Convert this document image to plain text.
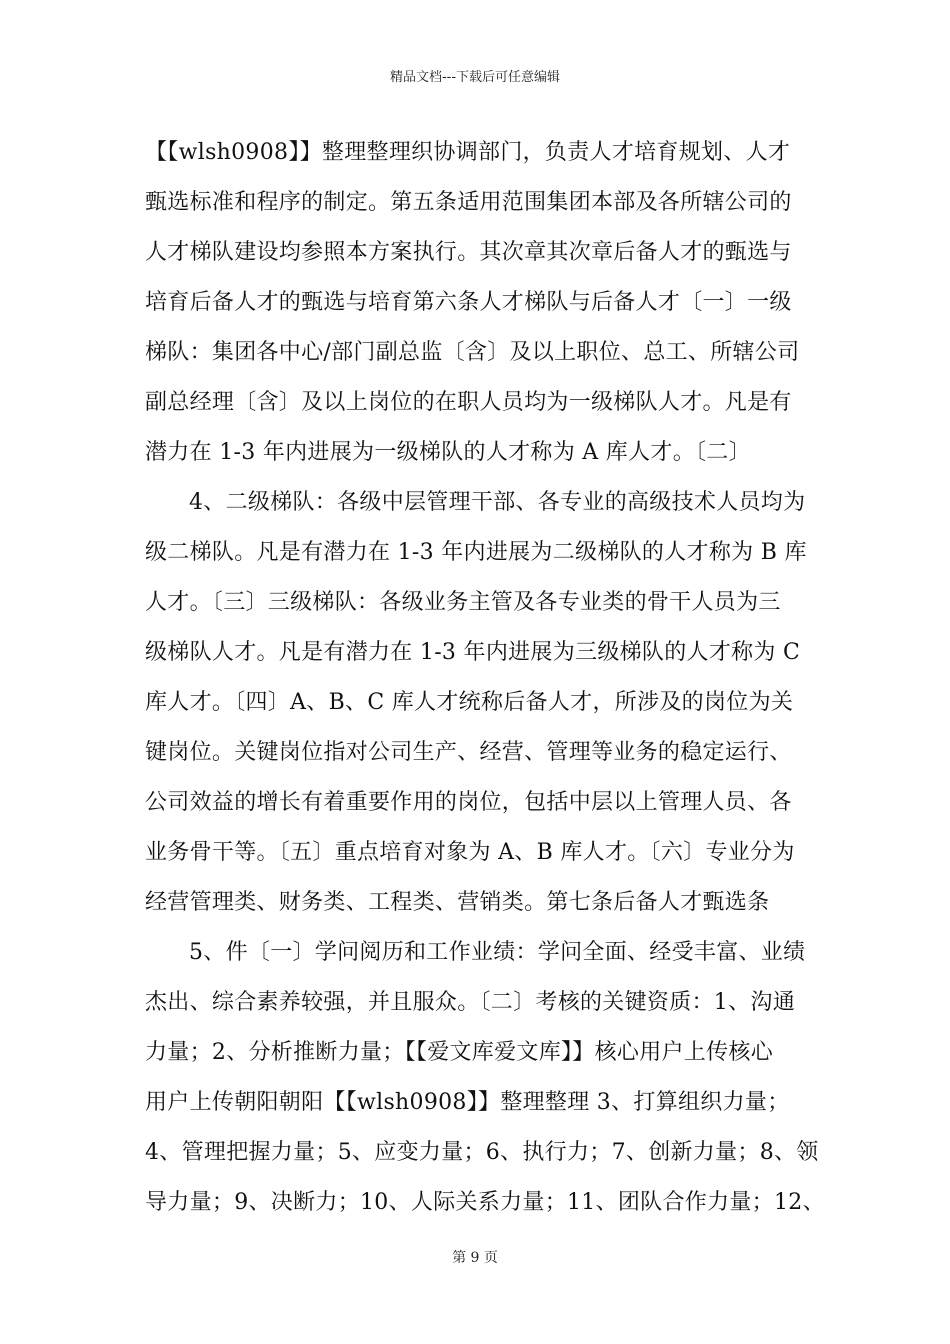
精品文档---下载后可任意编辑
【【wlsh0908】】整理整理织协调部门，负责人才培育规划、人才
甄选标准和程序的制定。第五条适用范围集团本部及各所辖公司的
人才梯队建设均参照本方案执行。其次章其次章后备人才的甄选与
培育后备人才的甄选与培育第六条人才梯队与后备人才〔一〕一级
梯队：集团各中心/部门副总监〔含〕及以上职位、总工、所辖公司
副总经理〔含〕及以上岗位的在职人员均为一级梯队人才。凡是有
潜力在 1-3 年内进展为一级梯队的人才称为 A 库人才。〔二〕
4、二级梯队：各级中层管理干部、各专业的高级技术人员均为
级二梯队。凡是有潜力在 1-3 年内进展为二级梯队的人才称为 B 库
人才。〔三〕三级梯队：各级业务主管及各专业类的骨干人员为三
级梯队人才。凡是有潜力在 1-3 年内进展为三级梯队的人才称为 C
库人才。〔四〕A、B、C 库人才统称后备人才，所涉及的岗位为关
键岗位。关键岗位指对公司生产、经营、管理等业务的稳定运行、
公司效益的增长有着重要作用的岗位，包括中层以上管理人员、各
业务骨干等。〔五〕重点培育对象为 A、B 库人才。〔六〕专业分为
经营管理类、财务类、工程类、营销类。第七条后备人才甄选条
5、件〔一〕学问阅历和工作业绩：学问全面、经受丰富、业绩
杰出、综合素养较强，并且服众。〔二〕考核的关键资质：1、沟通
力量；2、分析推断力量；【【爱文库爱文库】】核心用户上传核心
用户上传朝阳朝阳【【wlsh0908】】整理整理 3、打算组织力量；
4、管理把握力量；5、应变力量；6、执行力；7、创新力量；8、领
导力量；9、决断力；10、人际关系力量；11、团队合作力量；12、
第 9 页
